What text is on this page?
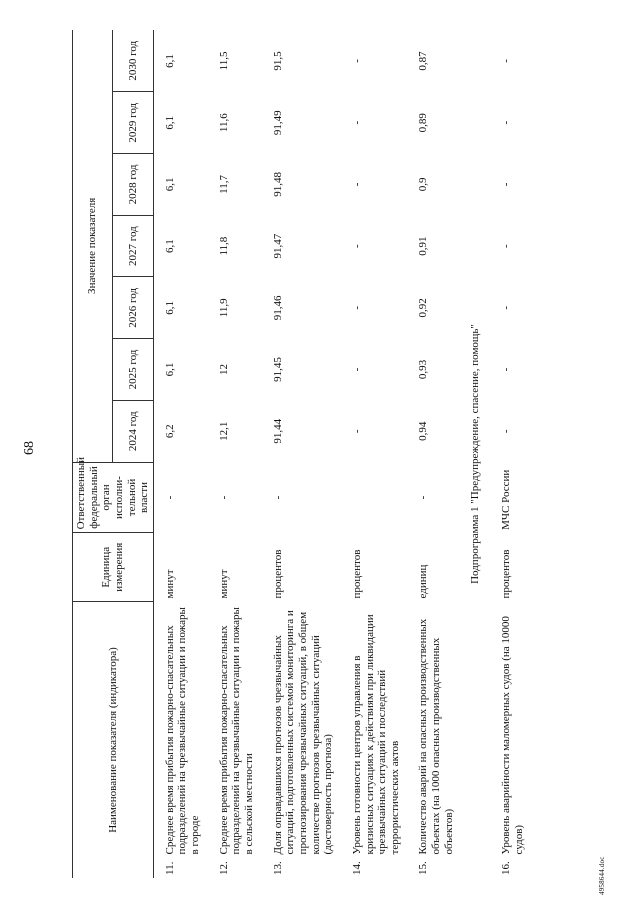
68
4958644.doc
Наименование показателя (индикатора)		Единица измерения	Ответственный федеральный орган исполни-тельной власти	Значение показателя						
				2024 год	2025 год	2026 год	2027 год	2028 год	2029 год	2030 год
11.	Среднее время прибытия пожарно-спасательных подразделений на чрезвычайные ситуации и пожары в городе	минут	-	6,2	6,1	6,1	6,1	6,1	6,1	6,1
12.	Среднее время прибытия пожарно-спасательных подразделений на чрезвычайные ситуации и пожары в сельской местности	минут	-	12,1	12	11,9	11,8	11,7	11,6	11,5
13.	Доля оправдавшихся прогнозов чрезвычайных ситуаций, подготовленных системой мониторинга и прогнозирования чрезвычайных ситуаций, в общем количестве прогнозов чрезвычайных ситуаций (достоверность прогноза)	процентов	-	91,44	91,45	91,46	91,47	91,48	91,49	91,5
14.	Уровень готовности центров управления в кризисных ситуациях к действиям при ликвидации чрезвычайных ситуаций и последствий террористических актов	процентов		-	-	-	-	-	-	-
15.	Количество аварий на опасных производственных объектах (на 1000 опасных производственных объектов)	единиц	-	0,94	0,93	0,92	0,91	0,9	0,89	0,87
Подпрограмма 1 "Предупреждение, спасение, помощь"										
16.	Уровень аварийности маломерных судов (на 10000 судов)	процентов	МЧС России	-	-	-	-	-	-	-
